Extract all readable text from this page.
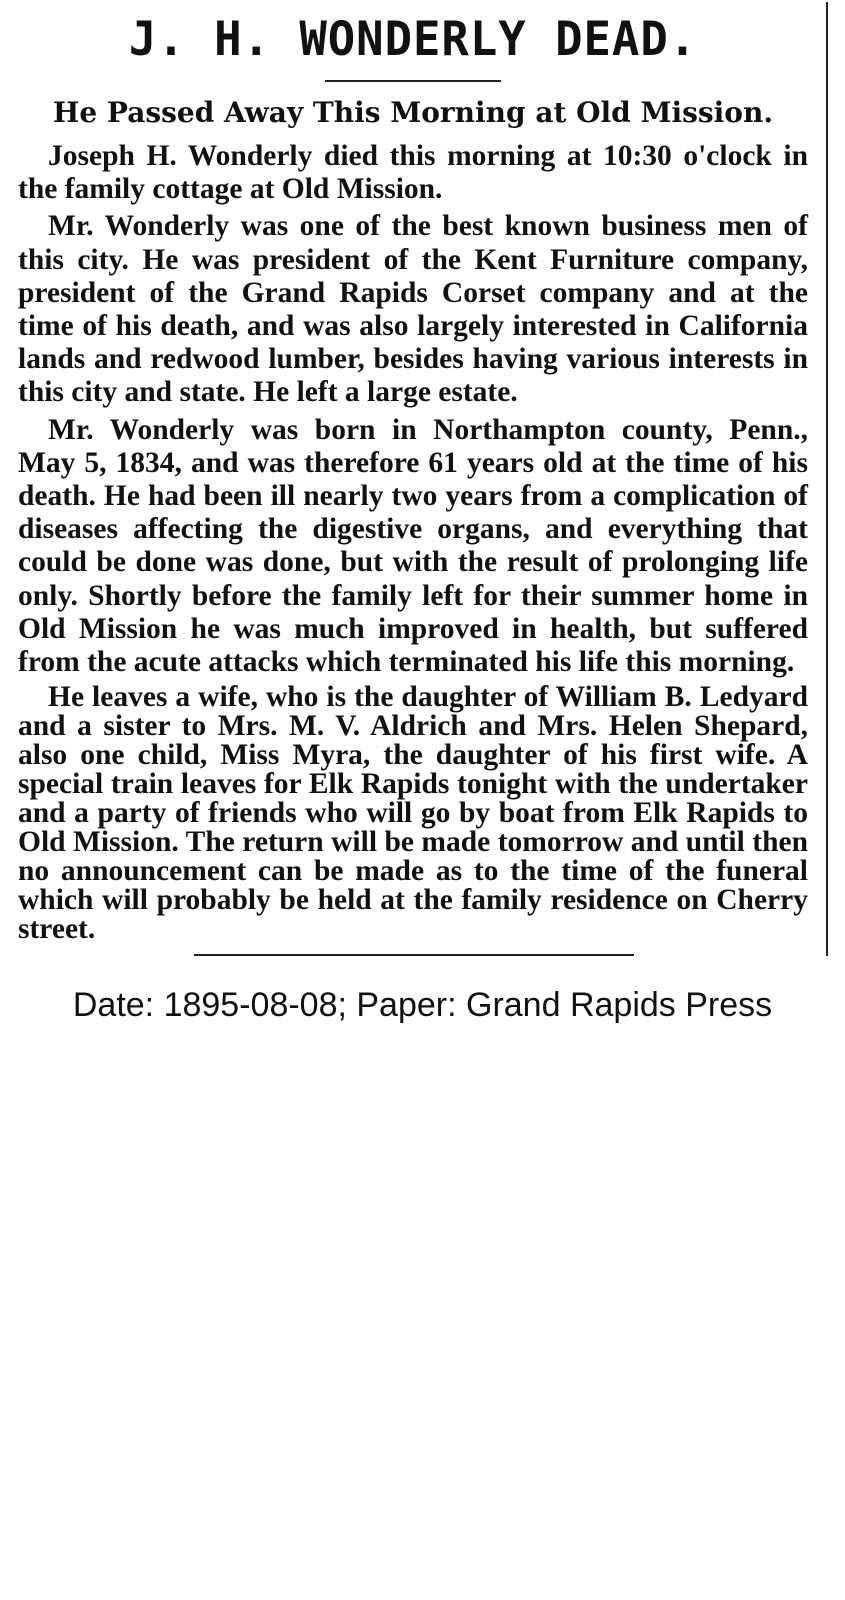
J. H. WONDERLY DEAD.
He Passed Away This Morning at Old Mission.

Joseph H. Wonderly died this morning at 10:30 o'clock in the family cottage at Old Mission.

Mr. Wonderly was one of the best known business men of this city. He was president of the Kent Furniture company, president of the Grand Rapids Corset company and at the time of his death, and was also largely interested in California lands and redwood lumber, besides having various interests in this city and state. He left a large estate.

Mr. Wonderly was born in Northampton county, Penn., May 5, 1834, and was therefore 61 years old at the time of his death. He had been ill nearly two years from a complication of diseases affecting the digestive organs, and everything that could be done was done, but with the result of prolonging life only. Shortly before the family left for their summer home in Old Mission he was much improved in health, but suffered from the acute attacks which terminated his life this morning.

He leaves a wife, who is the daughter of William B. Ledyard and a sister to Mrs. M. V. Aldrich and Mrs. Helen Shepard, also one child, Miss Myra, the daughter of his first wife. A special train leaves for Elk Rapids tonight with the undertaker and a party of friends who will go by boat from Elk Rapids to Old Mission. The return will be made tomorrow and until then no announcement can be made as to the time of the funeral which will probably be held at the family residence on Cherry street.

Date: 1895-08-08; Paper: Grand Rapids Press
